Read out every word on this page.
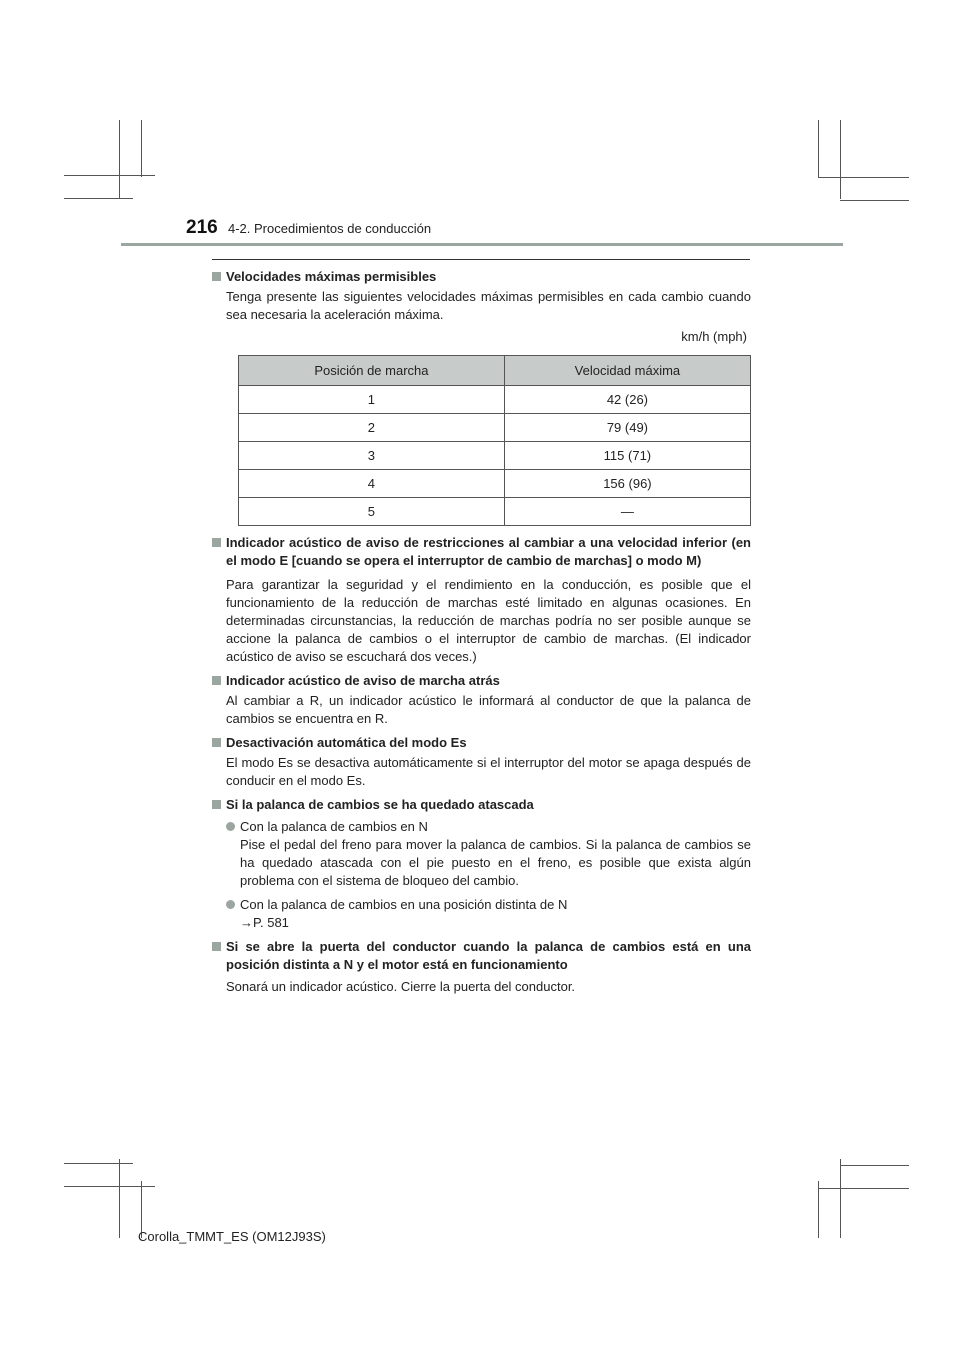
216 4-2. Procedimientos de conducción

Velocidades máximas permisibles

Tenga presente las siguientes velocidades máximas permisibles en cada cambio cuando sea necesaria la aceleración máxima.

km/h (mph)
Posición de marcha	Velocidad máxima
1	42 (26)
2	79 (49)
3	115 (71)
4	156 (96)
5	—

Indicador acústico de aviso de restricciones al cambiar a una velocidad inferior (en el modo E [cuando se opera el interruptor de cambio de marchas] o modo M)

Para garantizar la seguridad y el rendimiento en la conducción, es posible que el funcionamiento de la reducción de marchas esté limitado en algunas ocasiones. En determinadas circunstancias, la reducción de marchas podría no ser posible aunque se accione la palanca de cambios o el interruptor de cambio de marchas. (El indicador acústico de aviso se escuchará dos veces.)

Indicador acústico de aviso de marcha atrás

Al cambiar a R, un indicador acústico le informará al conductor de que la palanca de cambios se encuentra en R.

Desactivación automática del modo Es

El modo Es se desactiva automáticamente si el interruptor del motor se apaga después de conducir en el modo Es.

Si la palanca de cambios se ha quedado atascada

Con la palanca de cambios en N
Pise el pedal del freno para mover la palanca de cambios. Si la palanca de cambios se ha quedado atascada con el pie puesto en el freno, es posible que exista algún problema con el sistema de bloqueo del cambio.
Con la palanca de cambios en una posición distinta de N
→P. 581

Si se abre la puerta del conductor cuando la palanca de cambios está en una posición distinta a N y el motor está en funcionamiento

Sonará un indicador acústico. Cierre la puerta del conductor.

Corolla_TMMT_ES (OM12J93S)
